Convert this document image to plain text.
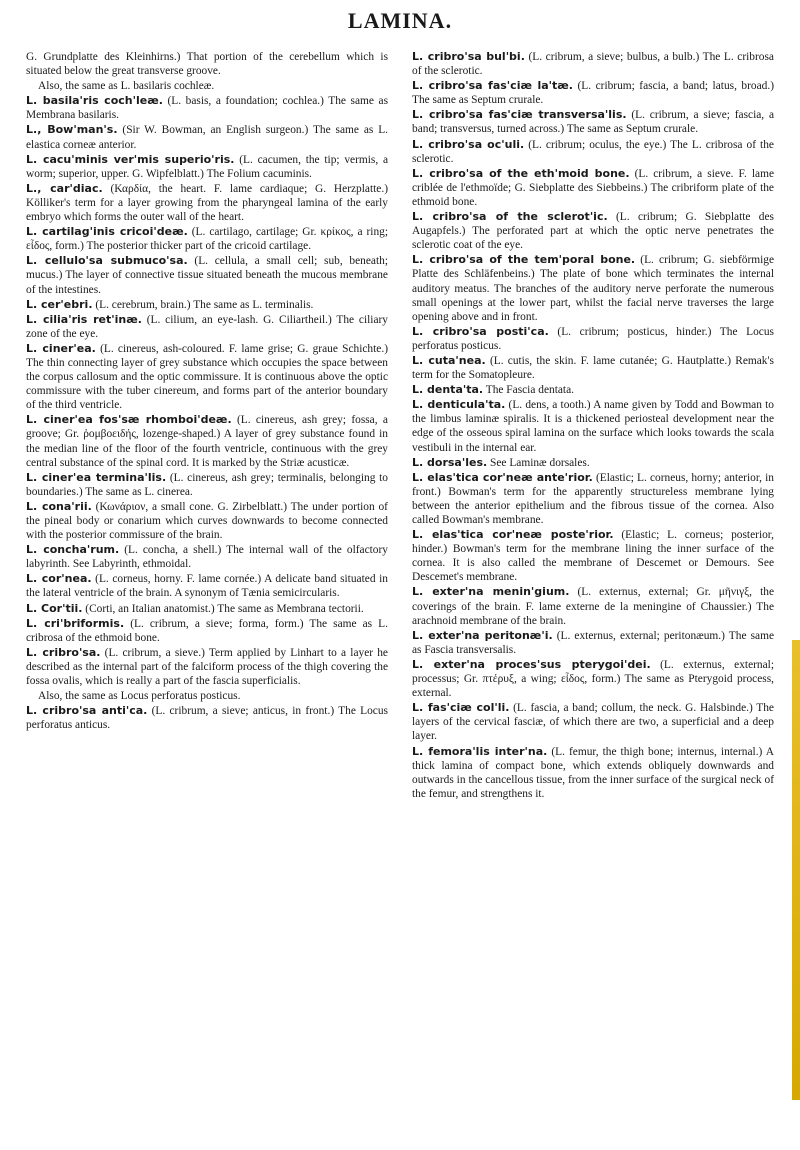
LAMINA.

G. Grundplatte des Kleinhirns.) That portion of the cerebellum which is situated below the great transverse groove.

Also, the same as L. basilaris cochleæ.

L. basila'ris coch'leæ. (L. basis, a foundation; cochlea.) The same as Membrana basilaris.

L., Bow'man's. (Sir W. Bowman, an English surgeon.) The same as L. elastica corneæ anterior.

L. cacu'minis ver'mis superio'ris. (L. cacumen, the tip; vermis, a worm; superior, upper. G. Wipfelblatt.) The Folium cacuminis.

L., car'diac. (Καρδία, the heart. F. lame cardiaque; G. Herzplatte.) Kölliker's term for a layer growing from the pharyngeal lamina of the early embryo which forms the outer wall of the heart.

L. cartilag'inis cricoi'deæ. (L. cartilago, cartilage; Gr. κρίκος, a ring; εἶδος, form.) The posterior thicker part of the cricoid cartilage.

L. cellulo'sa submuco'sa. (L. cellula, a small cell; sub, beneath; mucus.) The layer of connective tissue situated beneath the mucous membrane of the intestines.

L. cer'ebri. (L. cerebrum, brain.) The same as L. terminalis.

L. cilia'ris ret'inæ. (L. cilium, an eye-lash. G. Ciliartheil.) The ciliary zone of the eye.

L. ciner'ea. (L. cinereus, ash-coloured. F. lame grise; G. graue Schichte.) The thin connecting layer of grey substance which occupies the space between the corpus callosum and the optic commissure. It is continuous above the optic commissure with the tuber cinereum, and forms part of the anterior boundary of the third ventricle.

L. ciner'ea fos'sæ rhomboi'deæ. (L. cinereus, ash grey; fossa, a groove; Gr. ῥομβοειδής, lozenge-shaped.) A layer of grey substance found in the median line of the floor of the fourth ventricle, continuous with the grey central substance of the spinal cord. It is marked by the Striæ acusticæ.

L. ciner'ea termina'lis. (L. cinereus, ash grey; terminalis, belonging to boundaries.) The same as L. cinerea.

L. cona'rii. (Κωνάριον, a small cone. G. Zirbelblatt.) The under portion of the pineal body or conarium which curves downwards to become connected with the posterior commissure of the brain.

L. concha'rum. (L. concha, a shell.) The internal wall of the olfactory labyrinth. See Labyrinth, ethmoidal.

L. cor'nea. (L. corneus, horny. F. lame cornée.) A delicate band situated in the lateral ventricle of the brain. A synonym of Tænia semicircularis.

L. Cor'tii. (Corti, an Italian anatomist.) The same as Membrana tectorii.

L. cri'briformis. (L. cribrum, a sieve; forma, form.) The same as L. cribrosa of the ethmoid bone.

L. cribro'sa. (L. cribrum, a sieve.) Term applied by Linhart to a layer he described as the internal part of the falciform process of the thigh covering the fossa ovalis, which is really a part of the fascia superficialis.

Also, the same as Locus perforatus posticus.

L. cribro'sa anti'ca. (L. cribrum, a sieve; anticus, in front.) The Locus perforatus anticus.

L. cribro'sa bul'bi. (L. cribrum, a sieve; bulbus, a bulb.) The L. cribrosa of the sclerotic.

L. cribro'sa fas'ciæ la'tæ. (L. cribrum; fascia, a band; latus, broad.) The same as Septum crurale.

L. cribro'sa fas'ciæ transversa'lis. (L. cribrum, a sieve; fascia, a band; transversus, turned across.) The same as Septum crurale.

L. cribro'sa oc'uli. (L. cribrum; oculus, the eye.) The L. cribrosa of the sclerotic.

L. cribro'sa of the eth'moid bone. (L. cribrum, a sieve. F. lame criblée de l'ethmoïde; G. Siebplatte des Siebbeins.) The cribriform plate of the ethmoid bone.

L. cribro'sa of the sclerot'ic. (L. cribrum; G. Siebplatte des Augapfels.) The perforated part at which the optic nerve penetrates the sclerotic coat of the eye.

L. cribro'sa of the tem'poral bone. (L. cribrum; G. siebförmige Platte des Schläfenbeins.) The plate of bone which terminates the internal auditory meatus. The branches of the auditory nerve perforate the numerous small openings at the lower part, whilst the facial nerve traverses the large opening above and in front.

L. cribro'sa posti'ca. (L. cribrum; posticus, hinder.) The Locus perforatus posticus.

L. cuta'nea. (L. cutis, the skin. F. lame cutanée; G. Hautplatte.) Remak's term for the Somatopleure.

L. denta'ta. The Fascia dentata.

L. denticula'ta. (L. dens, a tooth.) A name given by Todd and Bowman to the limbus laminæ spiralis. It is a thickened periosteal development near the edge of the osseous spiral lamina on the surface which looks towards the scala vestibuli in the internal ear.

L. dorsa'les. See Laminæ dorsales.

L. elas'tica cor'neæ ante'rior. (Elastic; L. corneus, horny; anterior, in front.) Bowman's term for the apparently structureless membrane lying between the anterior epithelium and the fibrous tissue of the cornea. Also called Bowman's membrane.

L. elas'tica cor'neæ poste'rior. (Elastic; L. corneus; posterior, hinder.) Bowman's term for the membrane lining the inner surface of the cornea. It is also called the membrane of Descemet or Demours. See Descemet's membrane.

L. exter'na menin'gium. (L. externus, external; Gr. μῆνιγξ, the coverings of the brain. F. lame externe de la meningine of Chaussier.) The arachnoid membrane of the brain.

L. exter'na peritonæ'i. (L. externus, external; peritonæum.) The same as Fascia transversalis.

L. exter'na proces'sus pterygoi'dei. (L. externus, external; processus; Gr. πτέρυξ, a wing; εἶδος, form.) The same as Pterygoid process, external.

L. fas'ciæ col'li. (L. fascia, a band; collum, the neck. G. Halsbinde.) The layers of the cervical fasciæ, of which there are two, a superficial and a deep layer.

L. femora'lis inter'na. (L. femur, the thigh bone; internus, internal.) A thick lamina of compact bone, which extends obliquely downwards and outwards in the cancellous tissue, from the inner surface of the surgical neck of the femur, and strengthens it.
